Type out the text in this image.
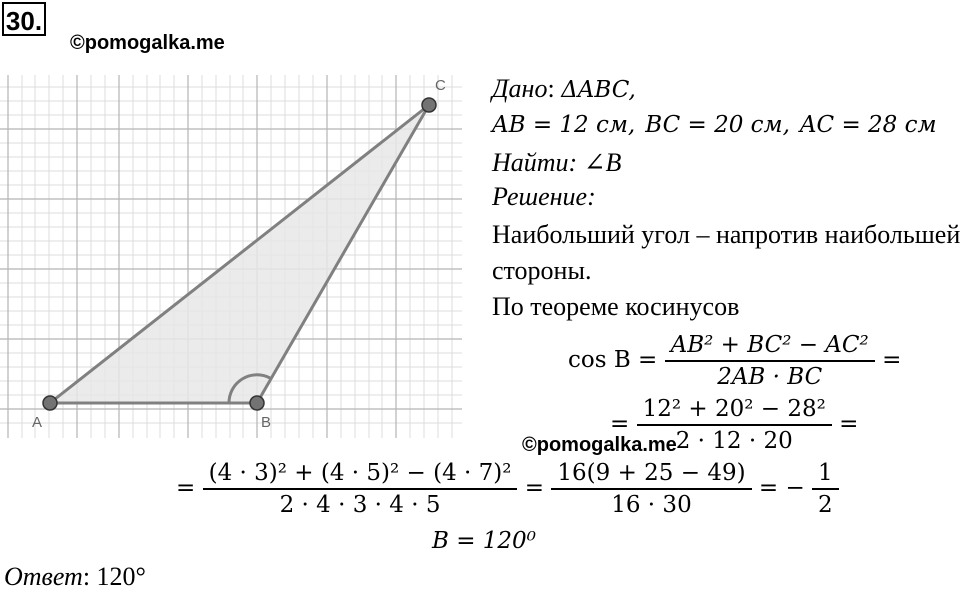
30.
©pomogalka.me
A	B
C Дано: ΔABC,
AB = 12 см, BC = 20 см, AC = 28 см
Найти: ∠B
Решение:
Наибольший угол – напротив наибольшей
стороны.
По теореме косинусов
$\cos B = \frac{\text{AB² + BC² − AC²}}{2AB \cdot BC}$ =
= $\frac{\text{12² + 20² − 28²}}{2 \cdot 12 \cdot 20}$ =
©pomogalka.me
= $\frac{\text{(4 · 3)² + (4 · 5)² − (4 · 7)²}}{2 \cdot 4 \cdot 3 \cdot 4 \cdot 5} = \frac{16(9 + 25 - 49)}{16 \cdot 30}$ = − $\frac{1}{2}$
B = 120⁰
Ответ: 120°
